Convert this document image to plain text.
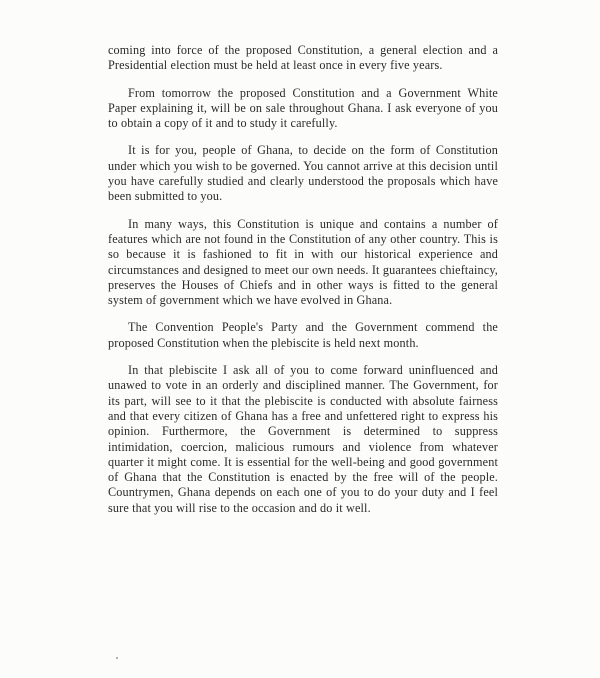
coming into force of the proposed Constitution, a general election and a Presidential election must be held at least once in every five years.

From tomorrow the proposed Constitution and a Government White Paper explaining it, will be on sale throughout Ghana. I ask everyone of you to obtain a copy of it and to study it carefully.

It is for you, people of Ghana, to decide on the form of Constitution under which you wish to be governed. You cannot arrive at this decision until you have carefully studied and clearly understood the proposals which have been submitted to you.

In many ways, this Constitution is unique and contains a number of features which are not found in the Constitution of any other country. This is so because it is fashioned to fit in with our historical experience and circumstances and designed to meet our own needs. It guarantees chieftaincy, preserves the Houses of Chiefs and in other ways is fitted to the general system of government which we have evolved in Ghana.

The Convention People's Party and the Government commend the proposed Constitution when the plebiscite is held next month.

In that plebiscite I ask all of you to come forward uninfluenced and unawed to vote in an orderly and disciplined manner. The Government, for its part, will see to it that the plebiscite is conducted with absolute fairness and that every citizen of Ghana has a free and unfettered right to express his opinion. Furthermore, the Government is determined to suppress intimidation, coercion, malicious rumours and violence from whatever quarter it might come. It is essential for the well-being and good government of Ghana that the Constitution is enacted by the free will of the people. Countrymen, Ghana depends on each one of you to do your duty and I feel sure that you will rise to the occasion and do it well.
